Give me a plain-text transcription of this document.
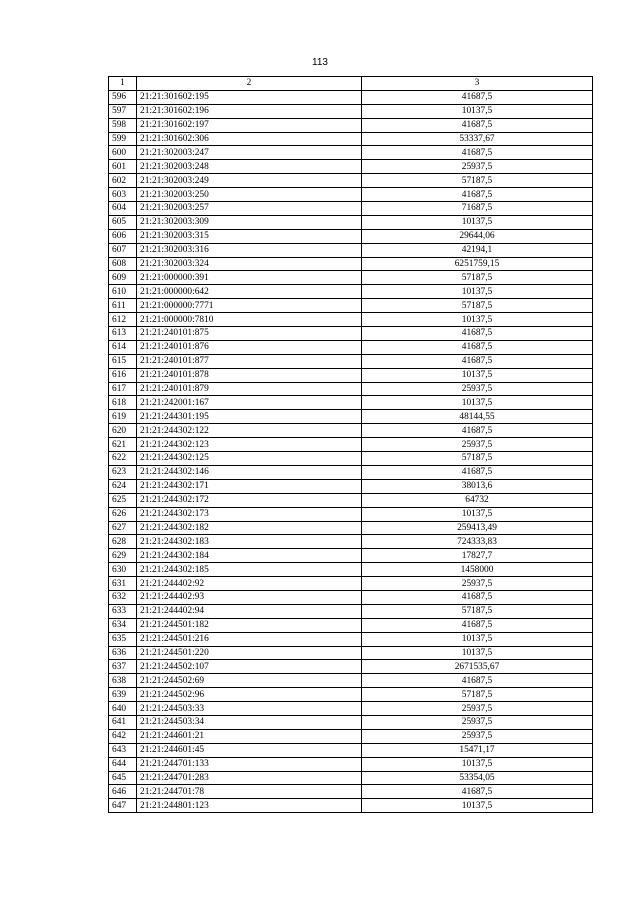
113
1	2	3
596	21:21:301602:195	41687,5
597	21:21:301602:196	10137,5
598	21:21:301602:197	41687,5
599	21:21:301602:306	53337,67
600	21:21:302003:247	41687,5
601	21:21:302003:248	25937,5
602	21:21:302003:249	57187,5
603	21:21:302003:250	41687,5
604	21:21:302003:257	71687,5
605	21:21:302003:309	10137,5
606	21:21:302003:315	29644,06
607	21:21:302003:316	42194,1
608	21:21:302003:324	6251759,15
609	21:21:000000:391	57187,5
610	21:21:000000:642	10137,5
611	21:21:000000:7771	57187,5
612	21:21:000000:7810	10137,5
613	21:21:240101:875	41687,5
614	21:21:240101:876	41687,5
615	21:21:240101:877	41687,5
616	21:21:240101:878	10137,5
617	21:21:240101:879	25937,5
618	21:21:242001:167	10137,5
619	21:21:244301:195	48144,55
620	21:21:244302:122	41687,5
621	21:21:244302:123	25937,5
622	21:21:244302:125	57187,5
623	21:21:244302:146	41687,5
624	21:21:244302:171	38013,6
625	21:21:244302:172	64732
626	21:21:244302:173	10137,5
627	21:21:244302:182	259413,49
628	21:21:244302:183	724333,83
629	21:21:244302:184	17827,7
630	21:21:244302:185	1458000
631	21:21:244402:92	25937,5
632	21:21:244402:93	41687,5
633	21:21:244402:94	57187,5
634	21:21:244501:182	41687,5
635	21:21:244501:216	10137,5
636	21:21:244501:220	10137,5
637	21:21:244502:107	2671535,67
638	21:21:244502:69	41687,5
639	21:21:244502:96	57187,5
640	21:21:244503:33	25937,5
641	21:21:244503:34	25937,5
642	21:21:244601:21	25937,5
643	21:21:244601:45	15471,17
644	21:21:244701:133	10137,5
645	21:21:244701:283	53354,05
646	21:21:244701:78	41687,5
647	21:21:244801:123	10137,5
